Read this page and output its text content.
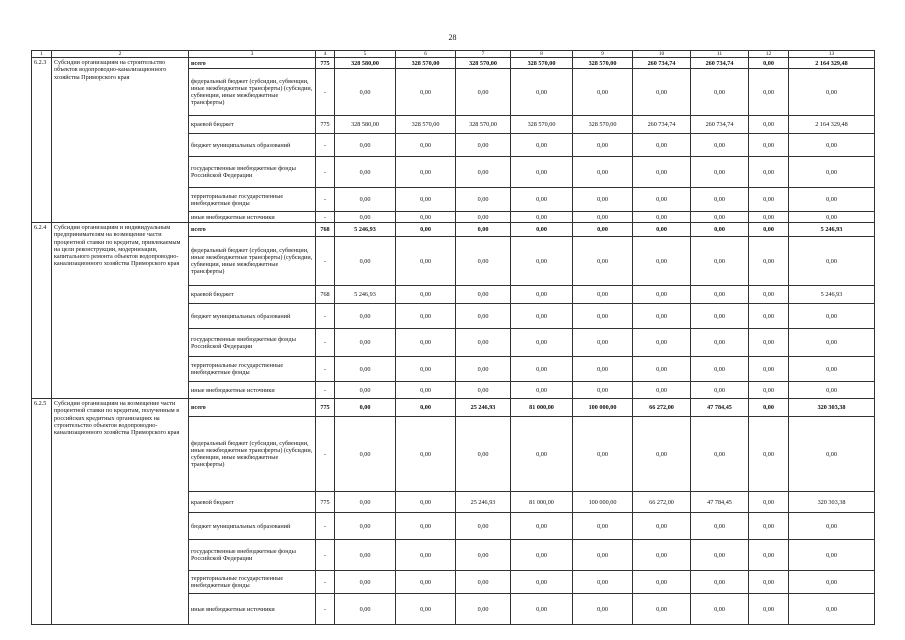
28
1	2	3	4	5	6	7	8	9	10	11	12	13
6.2.3	Субсидии организациям на строительство объектов водопроводно-канализационного хозяйства Приморского края	всего	775	328 580,00	328 570,00	328 570,00	328 570,00	328 570,00	260 734,74	260 734,74	0,00	2 164 329,48
		федеральный бюджет (субсидии, субвенции, иные межбюджетные трансферты) (субсидии, субвенции, иные межбюджетные трансферты)	-	0,00	0,00	0,00	0,00	0,00	0,00	0,00	0,00	0,00
		краевой бюджет	775	328 580,00	328 570,00	328 570,00	328 570,00	328 570,00	260 734,74	260 734,74	0,00	2 164 329,48
		бюджет муниципальных образований	-	0,00	0,00	0,00	0,00	0,00	0,00	0,00	0,00	0,00
		государственные внебюджетные фонды Российской Федерации	-	0,00	0,00	0,00	0,00	0,00	0,00	0,00	0,00	0,00
		территориальные государственные внебюджетные фонды	-	0,00	0,00	0,00	0,00	0,00	0,00	0,00	0,00	0,00
		иные внебюджетные источники	-	0,00	0,00	0,00	0,00	0,00	0,00	0,00	0,00	0,00
6.2.4	Субсидии организациям и индивидуальным предпринимателям на возмещение части процентной ставки по кредитам, привлекаемым на цели реконструкции, модернизации, капитального ремонта объектов водопроводно-канализационного хозяйства Приморского края	всего	768	5 246,93	0,00	0,00	0,00	0,00	0,00	0,00	0,00	5 246,93
		федеральный бюджет (субсидии, субвенции, иные межбюджетные трансферты) (субсидии, субвенции, иные межбюджетные трансферты)	-	0,00	0,00	0,00	0,00	0,00	0,00	0,00	0,00	0,00
		краевой бюджет	768	5 246,93	0,00	0,00	0,00	0,00	0,00	0,00	0,00	5 246,93
		бюджет муниципальных образований	-	0,00	0,00	0,00	0,00	0,00	0,00	0,00	0,00	0,00
		государственные внебюджетные фонды Российской Федерации	-	0,00	0,00	0,00	0,00	0,00	0,00	0,00	0,00	0,00
		территориальные государственные внебюджетные фонды	-	0,00	0,00	0,00	0,00	0,00	0,00	0,00	0,00	0,00
		иные внебюджетные источники	-	0,00	0,00	0,00	0,00	0,00	0,00	0,00	0,00	0,00
6.2.5	Субсидии организациям на возмещение части процентной ставки по кредитам, полученным в российских кредитных организациях на строительство объектов водопроводно-канализационного хозяйства Приморского края	всего	775	0,00	0,00	25 246,93	81 000,00	100 000,00	66 272,00	47 784,45	0,00	320 303,38
		федеральный бюджет (субсидии, субвенции, иные межбюджетные трансферты) (субсидии, субвенции, иные межбюджетные трансферты)	-	0,00	0,00	0,00	0,00	0,00	0,00	0,00	0,00	0,00
		краевой бюджет	775	0,00	0,00	25 246,93	81 000,00	100 000,00	66 272,00	47 784,45	0,00	320 303,38
		бюджет муниципальных образований	-	0,00	0,00	0,00	0,00	0,00	0,00	0,00	0,00	0,00
		государственные внебюджетные фонды Российской Федерации	-	0,00	0,00	0,00	0,00	0,00	0,00	0,00	0,00	0,00
		территориальные государственные внебюджетные фонды	-	0,00	0,00	0,00	0,00	0,00	0,00	0,00	0,00	0,00
		иные внебюджетные источники	-	0,00	0,00	0,00	0,00	0,00	0,00	0,00	0,00	0,00
